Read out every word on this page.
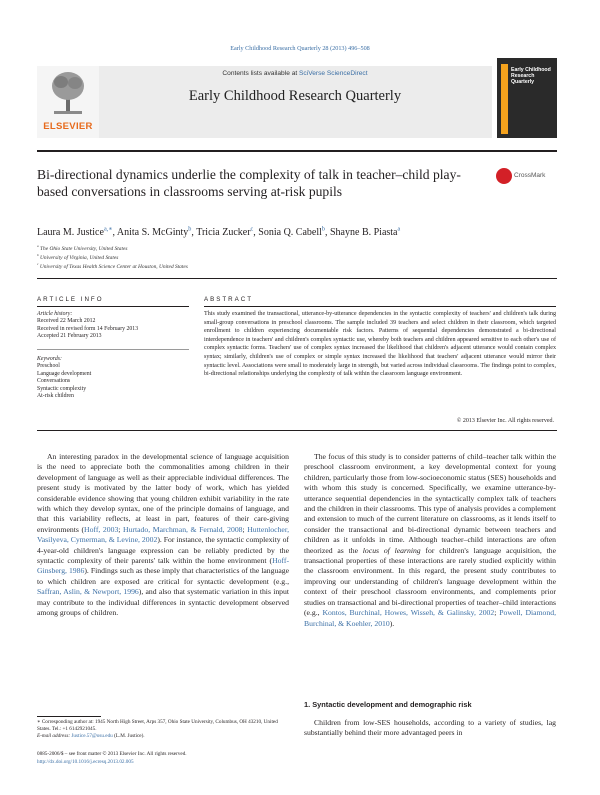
Early Childhood Research Quarterly 28 (2013) 496–508
ELSEVIER
Contents lists available at SciVerse ScienceDirect
Early Childhood Research Quarterly
Early Childhood Research Quarterly
Bi-directional dynamics underlie the complexity of talk in teacher–child play-based conversations in classrooms serving at-risk pupils
CrossMark
Laura M. Justice$^{a,∗}$, Anita S. McGinty$^b$, Tricia Zucker$^c$, Sonia Q. Cabell$^b$, Shayne B. Piasta$^a$
$^a$ The Ohio State University, United States
$^b$ University of Virginia, United States
$^c$ University of Texas Health Science Center at Houston, United States
ARTICLE INFO	ABSTRACT
Article history:
Received 22 March 2012
Received in revised form 14 February 2013
Accepted 21 February 2013
Keywords:
Preschool
Language development
Conversations
Syntactic complexity
At-risk children
This study examined the transactional, utterance-by-utterance dependencies in the syntactic complexity of teachers' and children's talk during small-group conversations in preschool classrooms. The sample included 39 teachers and select children in their classroom, which targeted enrollment to children experiencing documentable risk factors. Patterns of sequential dependencies demonstrated a bi-directional interdependence in teachers' and children's complex syntactic use, whereby both teachers and children appeared sensitive to each other's use of complex syntactic forms. Teachers' use of complex syntax increased the likelihood that children's adjacent utterance would contain complex syntax; similarly, children's use of complex or simple syntax increased the likelihood that teachers' adjacent utterance would mirror their syntactic level. Associations were small to moderately large in strength, but varied across individual classrooms. The findings point to complex, bi-directional relationships underlying the complexity of talk within the classroom language environment.
© 2013 Elsevier Inc. All rights reserved.
An interesting paradox in the developmental science of language acquisition is the need to appreciate both the commonalities among children in their development of language as well as their appreciable individual differences. The present study is motivated by the latter body of work, which has yielded considerable evidence showing that young children exhibit variability in the rate with which they develop syntax, one of the principle domains of language, and that this variability reflects, at least in part, features of their care-giving environments (Hoff, 2003; Hurtado, Marchman, & Fernald, 2008; Huttenlocher, Vasilyeva, Cymerman, & Levine, 2002). For instance, the syntactic complexity of 4-year-old children's language expression can be reliably predicted by the syntactic complexity of their parents' talk within the home environment (Hoff-Ginsberg, 1986). Findings such as these imply that characteristics of the language to which children are exposed are critical for syntactic development (e.g., Saffran, Aslin, & Newport, 1996), and also that systematic variation in this input may contribute to the individual differences in syntactic development observed among groups of children.
The focus of this study is to consider patterns of child–teacher talk within the preschool classroom environment, a key developmental context for young children, particularly those from low-socioeconomic status (SES) households and with whom this study is concerned. Specifically, we examine utterance-by-utterance sequential dependencies in the syntactically complex talk of teachers and the children in their classrooms. This type of analysis provides a complement and extension to much of the current literature on classrooms, as it lends itself to consider the transactional and bi-directional dynamic between teachers and children as it unfolds in time. Although teacher–child interactions are often theorized as the locus of learning for children's language acquisition, the transactional properties of these interactions are rarely studied explicitly within the classroom environment. In this regard, the present study contributes to improving our understanding of children's language development within the context of their preschool classroom environments, and complements prior studies on transactional and bi-directional properties of teacher–child interactions (e.g., Kontos, Burchinal, Howes, Wisseh, & Galinsky, 2002; Powell, Diamond, Burchinal, & Koehler, 2010).
1. Syntactic development and demographic risk
Children from low-SES households, according to a variety of studies, lag substantially behind their more advantaged peers in
∗ Corresponding author at: 1945 North High Street, Arps 357, Ohio State University, Columbus, OH 43210, United States. Tel.: +1 6142921045.
E-mail address: Justice.57@osu.edu (L.M. Justice).
0885-2006/$ – see front matter © 2013 Elsevier Inc. All rights reserved.
http://dx.doi.org/10.1016/j.ecresq.2013.02.005
